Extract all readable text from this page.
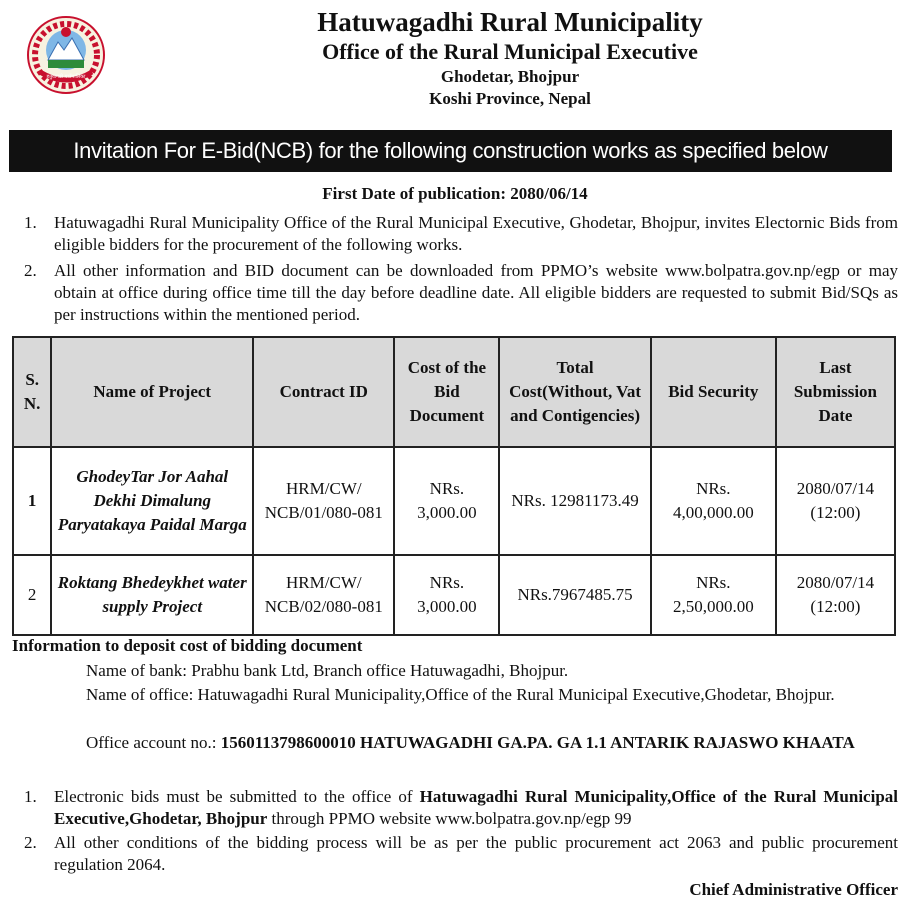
हतुवागढी गाउँपालिका
Hatuwagadhi Rural Municipality
Office of the Rural Municipal Executive
Ghodetar, Bhojpur
Koshi Province, Nepal
Invitation For E-Bid(NCB) for the following construction works as specified below
First Date of publication: 2080/06/14
1. Hatuwagadhi Rural Municipality Office of the Rural Municipal Executive, Ghodetar, Bhojpur, invites Electornic Bids from eligible bidders for the procurement of the following works.
2. All other information and BID document can be downloaded from PPMO’s website www.bolpatra.gov.np/egp or may obtain at office during office time till the day before deadline date. All eligible bidders are requested to submit Bid/SQs as per instructions within the mentioned period.
S. N.	Name of Project	Contract ID	Cost of the Bid Document	Total Cost(Without, Vat and Contigencies)	Bid Security	Last Submission Date
1	GhodeyTar Jor Aahal Dekhi Dimalung Paryatakaya Paidal Marga	HRM/CW/ NCB/01/080-081	NRs. 3,000.00	NRs. 12981173.49	NRs. 4,00,000.00	2080/07/14 (12:00)
2	Roktang Bhedeykhet water supply Project	HRM/CW/ NCB/02/080-081	NRs. 3,000.00	NRs.7967485.75	NRs. 2,50,000.00	2080/07/14 (12:00)
Information to deposit cost of bidding document
Name of bank: Prabhu bank Ltd, Branch office Hatuwagadhi, Bhojpur.
Name of office: Hatuwagadhi Rural Municipality,Office of the Rural Municipal Executive,Ghodetar, Bhojpur.
Office account no.: 1560113798600010 HATUWAGADHI GA.PA. GA 1.1 ANTARIK RAJASWO KHAATA
1. Electronic bids must be submitted to the office of Hatuwagadhi Rural Municipality,Office of the Rural Municipal Executive,Ghodetar, Bhojpur through PPMO website www.bolpatra.gov.np/egp 99
2. All other conditions of the bidding process will be as per the public procurement act 2063 and public procurement regulation 2064.
Chief Administrative Officer
